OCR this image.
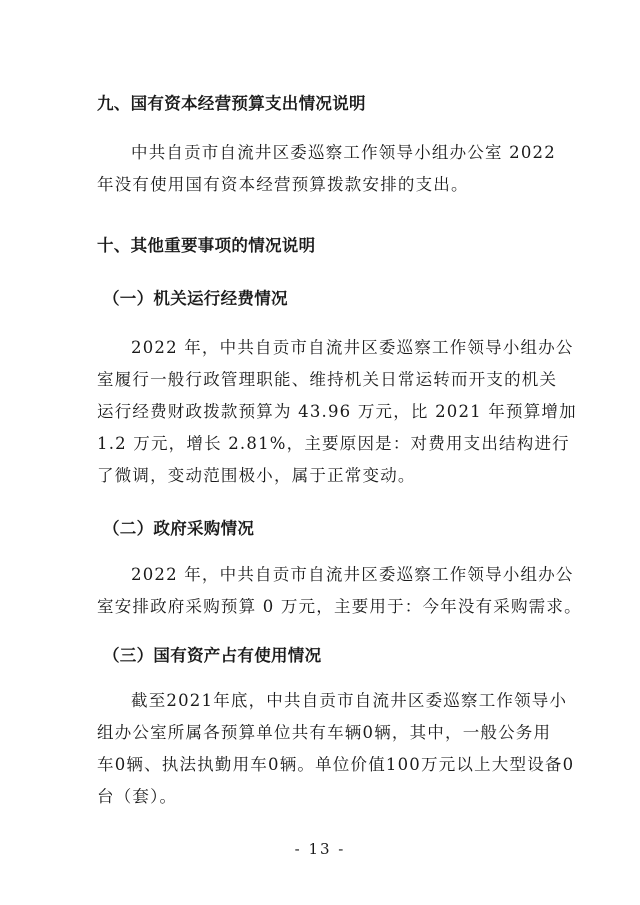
九、国有资本经营预算支出情况说明
中共自贡市自流井区委巡察工作领导小组办公室 2022
年没有使用国有资本经营预算拨款安排的支出。
十、其他重要事项的情况说明
（一）机关运行经费情况
2022 年，中共自贡市自流井区委巡察工作领导小组办公
室履行一般行政管理职能、维持机关日常运转而开支的机关
运行经费财政拨款预算为 43.96 万元，比 2021 年预算增加
1.2 万元，增长 2.81%，主要原因是：对费用支出结构进行
了微调，变动范围极小，属于正常变动。
（二）政府采购情况
2022 年，中共自贡市自流井区委巡察工作领导小组办公
室安排政府采购预算 0 万元，主要用于：今年没有采购需求。
（三）国有资产占有使用情况
截至2021年底，中共自贡市自流井区委巡察工作领导小
组办公室所属各预算单位共有车辆0辆，其中，一般公务用
车0辆、执法执勤用车0辆。单位价值100万元以上大型设备0
台（套）。
- 13 -
